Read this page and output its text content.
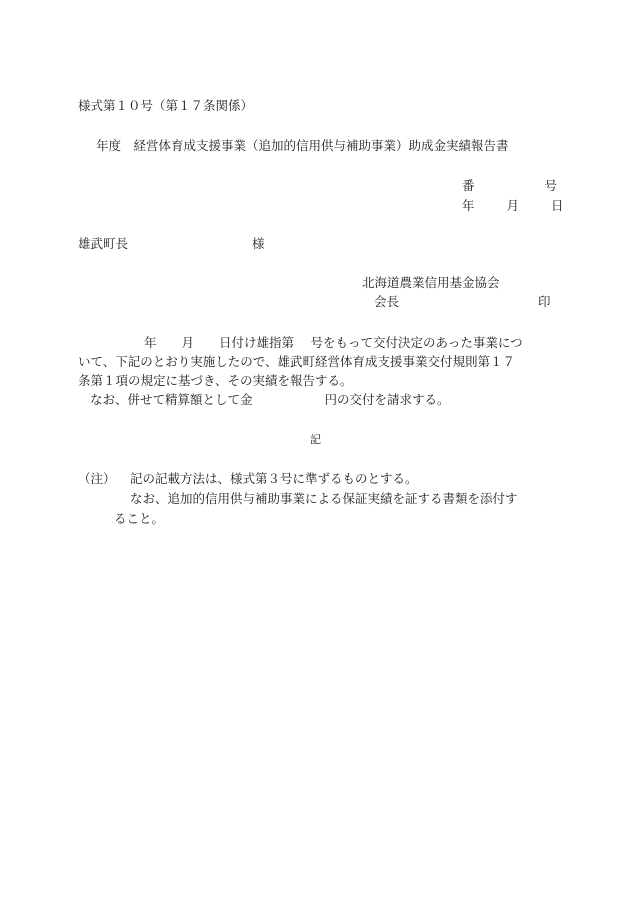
様式第１０号（第１７条関係）
年度　経営体育成支援事業（追加的信用供与補助事業）助成金実績報告書
番	号
年	月	日
雄武町長	様
北海道農業信用基金協会
会長	印

年　　月　　日付け雄指第　 号をもって交付決定のあった事業につ

いて、下記のとおり実施したので、雄武町経営体育成支援事業交付規則第１７

条第１項の規定に基づき、その実績を報告する。

なお、併せて精算額として金	円の交付を請求する。

記
（注） 記の記載方法は、様式第３号に準ずるものとする。
なお、追加的信用供与補助事業による保証実績を証する書類を添付す
ること。
